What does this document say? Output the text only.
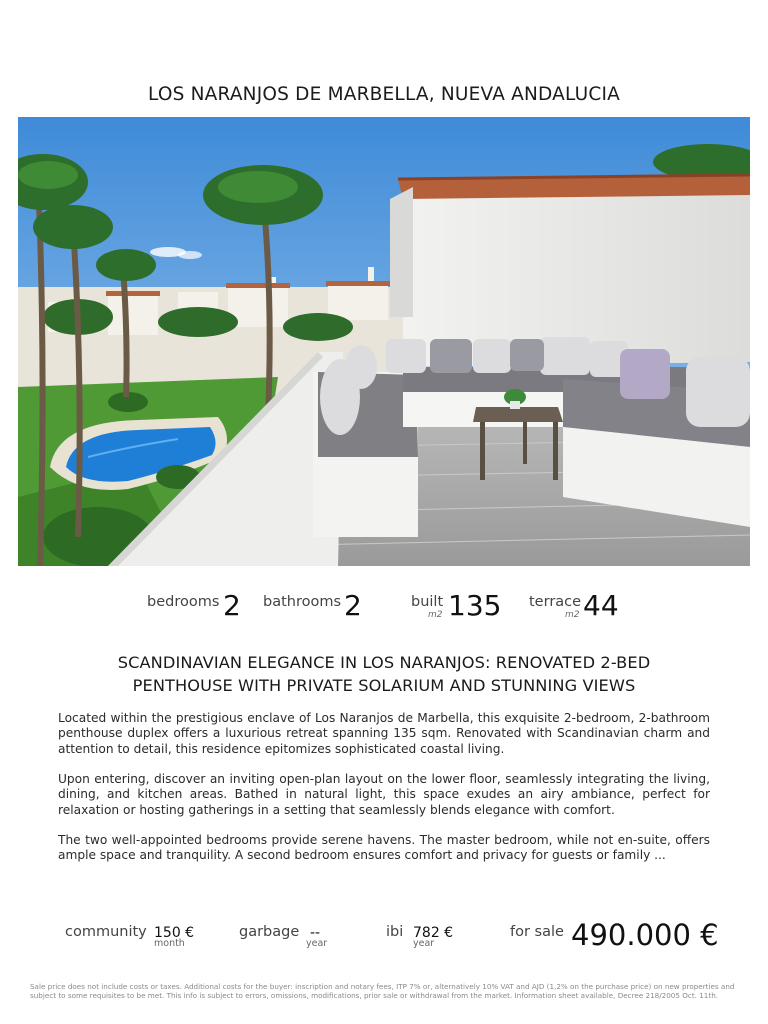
LOS NARANJOS DE MARBELLA, NUEVA ANDALUCIA
bedrooms 2 bathrooms 2	built
m2 135 terrace
m2 44
SCANDINAVIAN ELEGANCE IN LOS NARANJOS: RENOVATED 2-BED PENTHOUSE WITH PRIVATE SOLARIUM AND STUNNING VIEWS

Located within the prestigious enclave of Los Naranjos de Marbella, this exquisite 2-bedroom, 2-bathroom penthouse duplex offers a luxurious retreat spanning 135 sqm. Renovated with Scandinavian charm and attention to detail, this residence epitomizes sophisticated coastal living.

Upon entering, discover an inviting open-plan layout on the lower floor, seamlessly integrating the living, dining, and kitchen areas. Bathed in natural light, this space exudes an airy ambiance, perfect for relaxation or hosting gatherings in a setting that seamlessly blends elegance with comfort.

The two well-appointed bedrooms provide serene havens. The master bedroom, while not en-suite, offers ample space and tranquility. A second bedroom ensures comfort and privacy for guests or family ...

community 150 €
month
garbage --
year
ibi 782 €
year
for sale 490.000 €
Sale price does not include costs or taxes. Additional costs for the buyer: inscription and notary fees, ITP 7% or, alternatively 10% VAT and AJD (1,2% on the purchase price) on new properties and subject to some requisites to be met. This info is subject to errors, omissions, modifications, prior sale or withdrawal from the market. Information sheet available, Decree 218/2005 Oct. 11th.
